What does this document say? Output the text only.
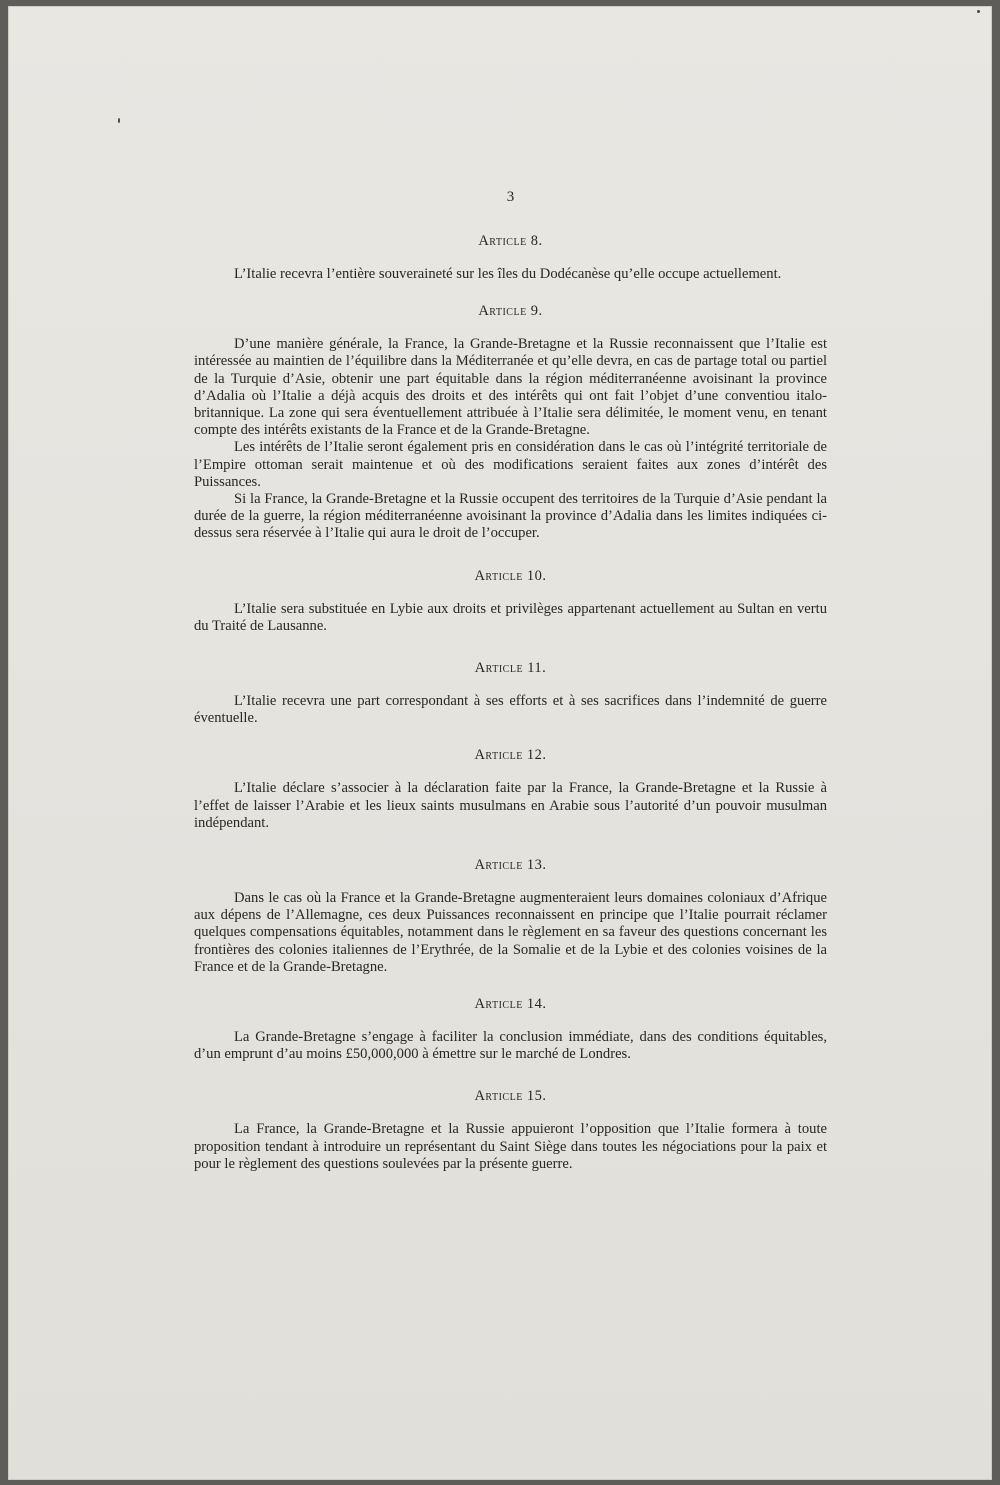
3
Article 8.

L’Italie recevra l’entière souveraineté sur les îles du Dodécanèse qu’elle occupe actuellement.

Article 9.

D’une manière générale, la France, la Grande-Bretagne et la Russie reconnaissent que l’Italie est intéressée au maintien de l’équilibre dans la Méditerranée et qu’elle devra, en cas de partage total ou partiel de la Turquie d’Asie, obtenir une part équitable dans la région méditerranéenne avoisinant la province d’Adalia où l’Italie a déjà acquis des droits et des intérêts qui ont fait l’objet d’une conventiou italo-britannique. La zone qui sera éventuellement attribuée à l’Italie sera délimitée, le moment venu, en tenant compte des intérêts existants de la France et de la Grande-Bretagne.

Les intérêts de l’Italie seront également pris en considération dans le cas où l’intégrité territoriale de l’Empire ottoman serait maintenue et où des modifications seraient faites aux zones d’intérêt des Puissances.

Si la France, la Grande-Bretagne et la Russie occupent des territoires de la Turquie d’Asie pendant la durée de la guerre, la région méditerranéenne avoisinant la province d’Adalia dans les limites indiquées ci-dessus sera réservée à l’Italie qui aura le droit de l’occuper.

Article 10.

L’Italie sera substituée en Lybie aux droits et privilèges appartenant actuellement au Sultan en vertu du Traité de Lausanne.

Article 11.

L’Italie recevra une part correspondant à ses efforts et à ses sacrifices dans l’indemnité de guerre éventuelle.

Article 12.

L’Italie déclare s’associer à la déclaration faite par la France, la Grande-Bretagne et la Russie à l’effet de laisser l’Arabie et les lieux saints musulmans en Arabie sous l’autorité d’un pouvoir musulman indépendant.

Article 13.

Dans le cas où la France et la Grande-Bretagne augmenteraient leurs domaines coloniaux d’Afrique aux dépens de l’Allemagne, ces deux Puissances reconnaissent en principe que l’Italie pourrait réclamer quelques compensations équitables, notamment dans le règlement en sa faveur des questions concernant les frontières des colonies italiennes de l’Erythrée, de la Somalie et de la Lybie et des colonies voisines de la France et de la Grande-Bretagne.

Article 14.

La Grande-Bretagne s’engage à faciliter la conclusion immédiate, dans des conditions équitables, d’un emprunt d’au moins £50,000,000 à émettre sur le marché de Londres.

Article 15.

La France, la Grande-Bretagne et la Russie appuieront l’opposition que l’Italie formera à toute proposition tendant à introduire un représentant du Saint Siège dans toutes les négociations pour la paix et pour le règlement des questions soulevées par la présente guerre.
